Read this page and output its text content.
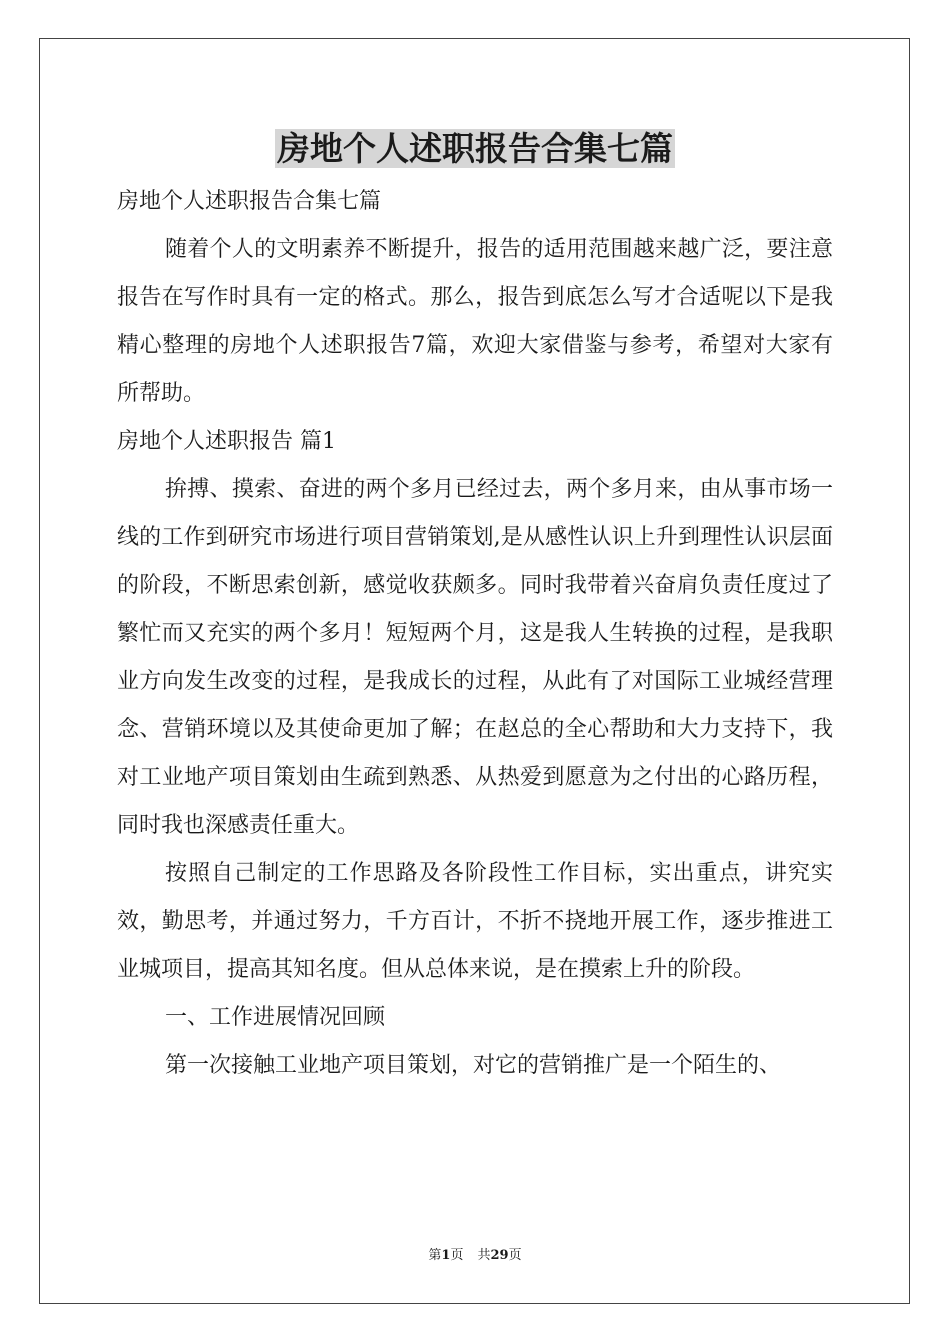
房地个人述职报告合集七篇

房地个人述职报告合集七篇

随着个人的文明素养不断提升，报告的适用范围越来越广泛，要注意报告在写作时具有一定的格式。那么，报告到底怎么写才合适呢以下是我精心整理的房地个人述职报告7篇，欢迎大家借鉴与参考，希望对大家有所帮助。

房地个人述职报告 篇1

拚搏、摸索、奋进的两个多月已经过去，两个多月来，由从事市场一线的工作到研究市场进行项目营销策划,是从感性认识上升到理性认识层面的阶段，不断思索创新，感觉收获颇多。同时我带着兴奋肩负责任度过了繁忙而又充实的两个多月！短短两个月，这是我人生转换的过程，是我职业方向发生改变的过程，是我成长的过程，从此有了对国际工业城经营理念、营销环境以及其使命更加了解；在赵总的全心帮助和大力支持下，我对工业地产项目策划由生疏到熟悉、从热爱到愿意为之付出的心路历程，同时我也深感责任重大。

按照自己制定的工作思路及各阶段性工作目标，实出重点，讲究实效，勤思考，并通过努力，千方百计，不折不挠地开展工作，逐步推进工业城项目，提高其知名度。但从总体来说，是在摸索上升的阶段。

一、工作进展情况回顾

第一次接触工业地产项目策划，对它的营销推广是一个陌生的、

第1页 共29页
